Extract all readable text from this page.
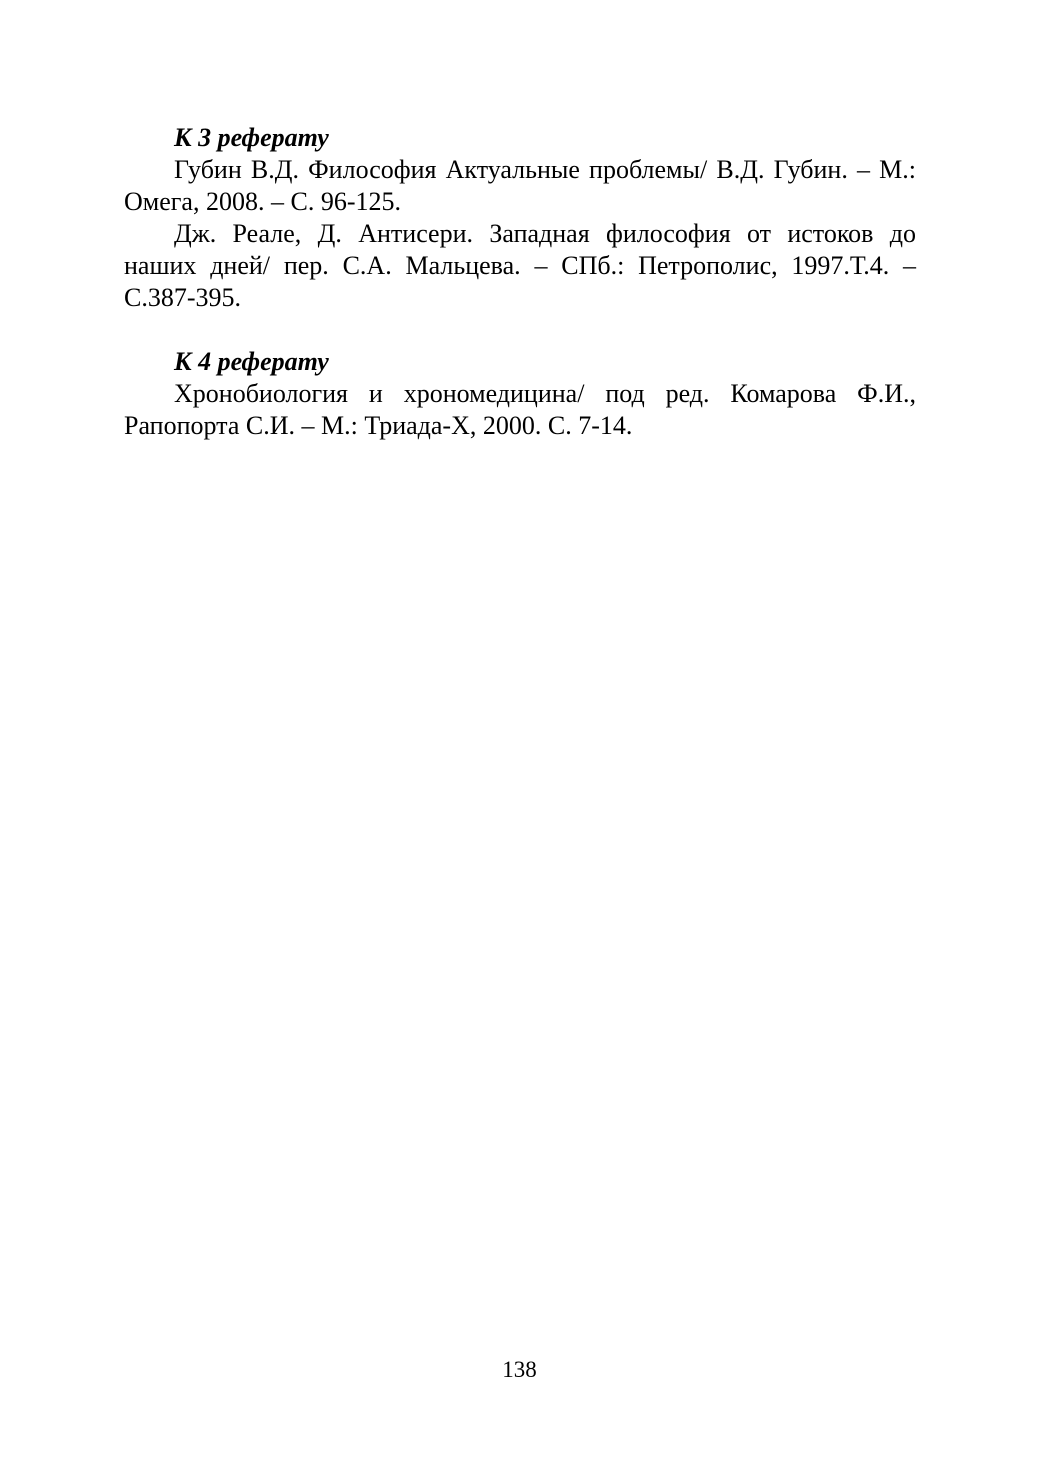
К 3 реферату

Губин В.Д. Философия Актуальные проблемы/ В.Д. Губин. – М.: Омега, 2008. – С. 96-125.

Дж. Реале, Д. Антисери. Западная философия от истоков до наших дней/ пер. С.А. Мальцева. – СПб.: Петрополис, 1997.Т.4. – С.387-395.

К 4 реферату

Хронобиология и хрономедицина/ под ред. Комарова Ф.И., Рапопорта С.И. – М.: Триада-Х, 2000. С. 7-14.

138
